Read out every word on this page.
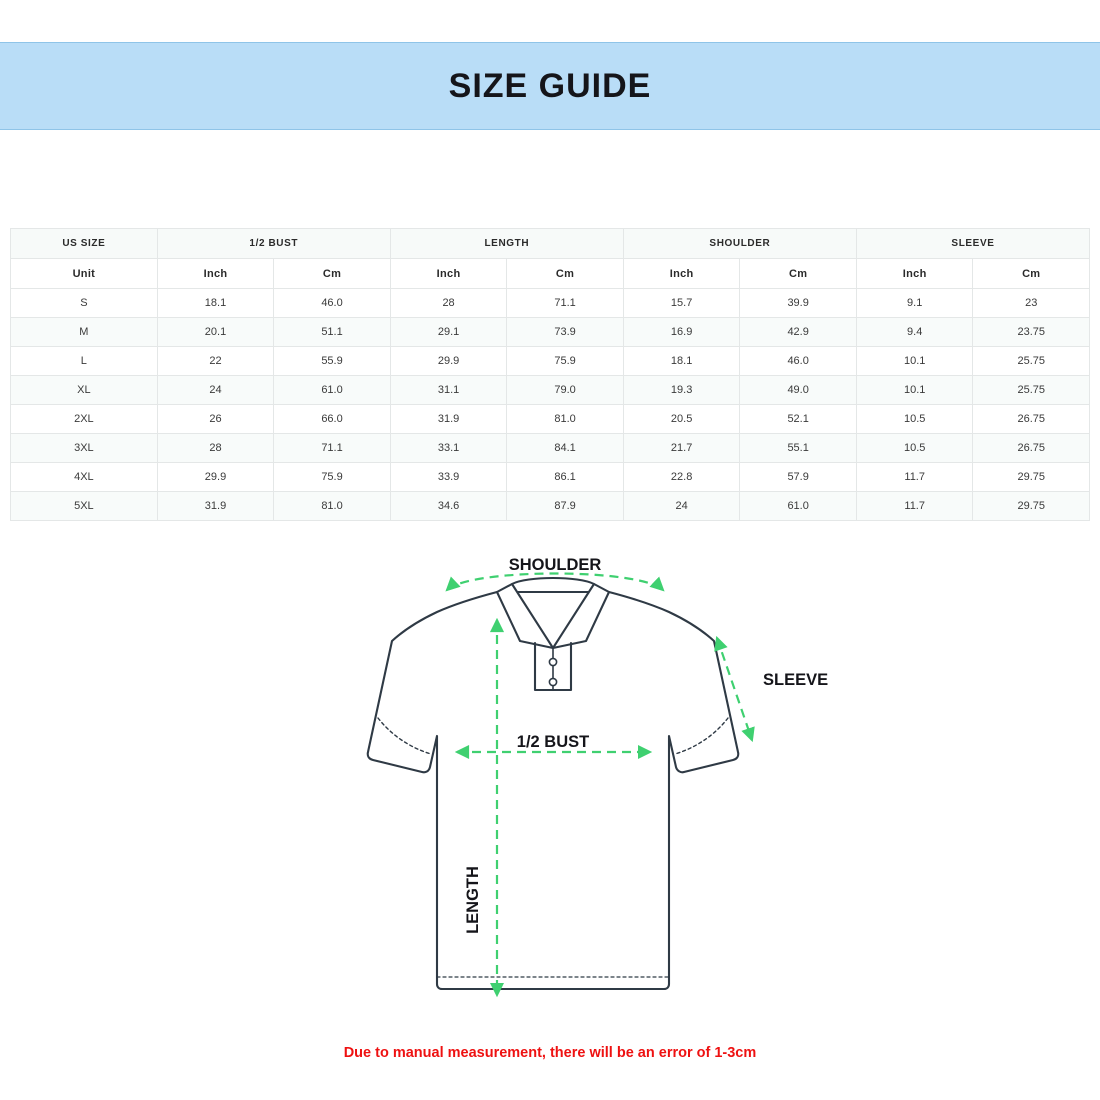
SIZE GUIDE
US SIZE	1/2 BUST		LENGTH		SHOULDER		SLEEVE	
Unit	Inch	Cm	Inch	Cm	Inch	Cm	Inch	Cm
S	18.1	46.0	28	71.1	15.7	39.9	9.1	23
M	20.1	51.1	29.1	73.9	16.9	42.9	9.4	23.75
L	22	55.9	29.9	75.9	18.1	46.0	10.1	25.75
XL	24	61.0	31.1	79.0	19.3	49.0	10.1	25.75
2XL	26	66.0	31.9	81.0	20.5	52.1	10.5	26.75
3XL	28	71.1	33.1	84.1	21.7	55.1	10.5	26.75
4XL	29.9	75.9	33.9	86.1	22.8	57.9	11.7	29.75
5XL	31.9	81.0	34.6	87.9	24	61.0	11.7	29.75
SHOULDER
SLEEVE
1/2 BUST
LENGTH
Due to manual measurement, there will be an error of 1-3cm
